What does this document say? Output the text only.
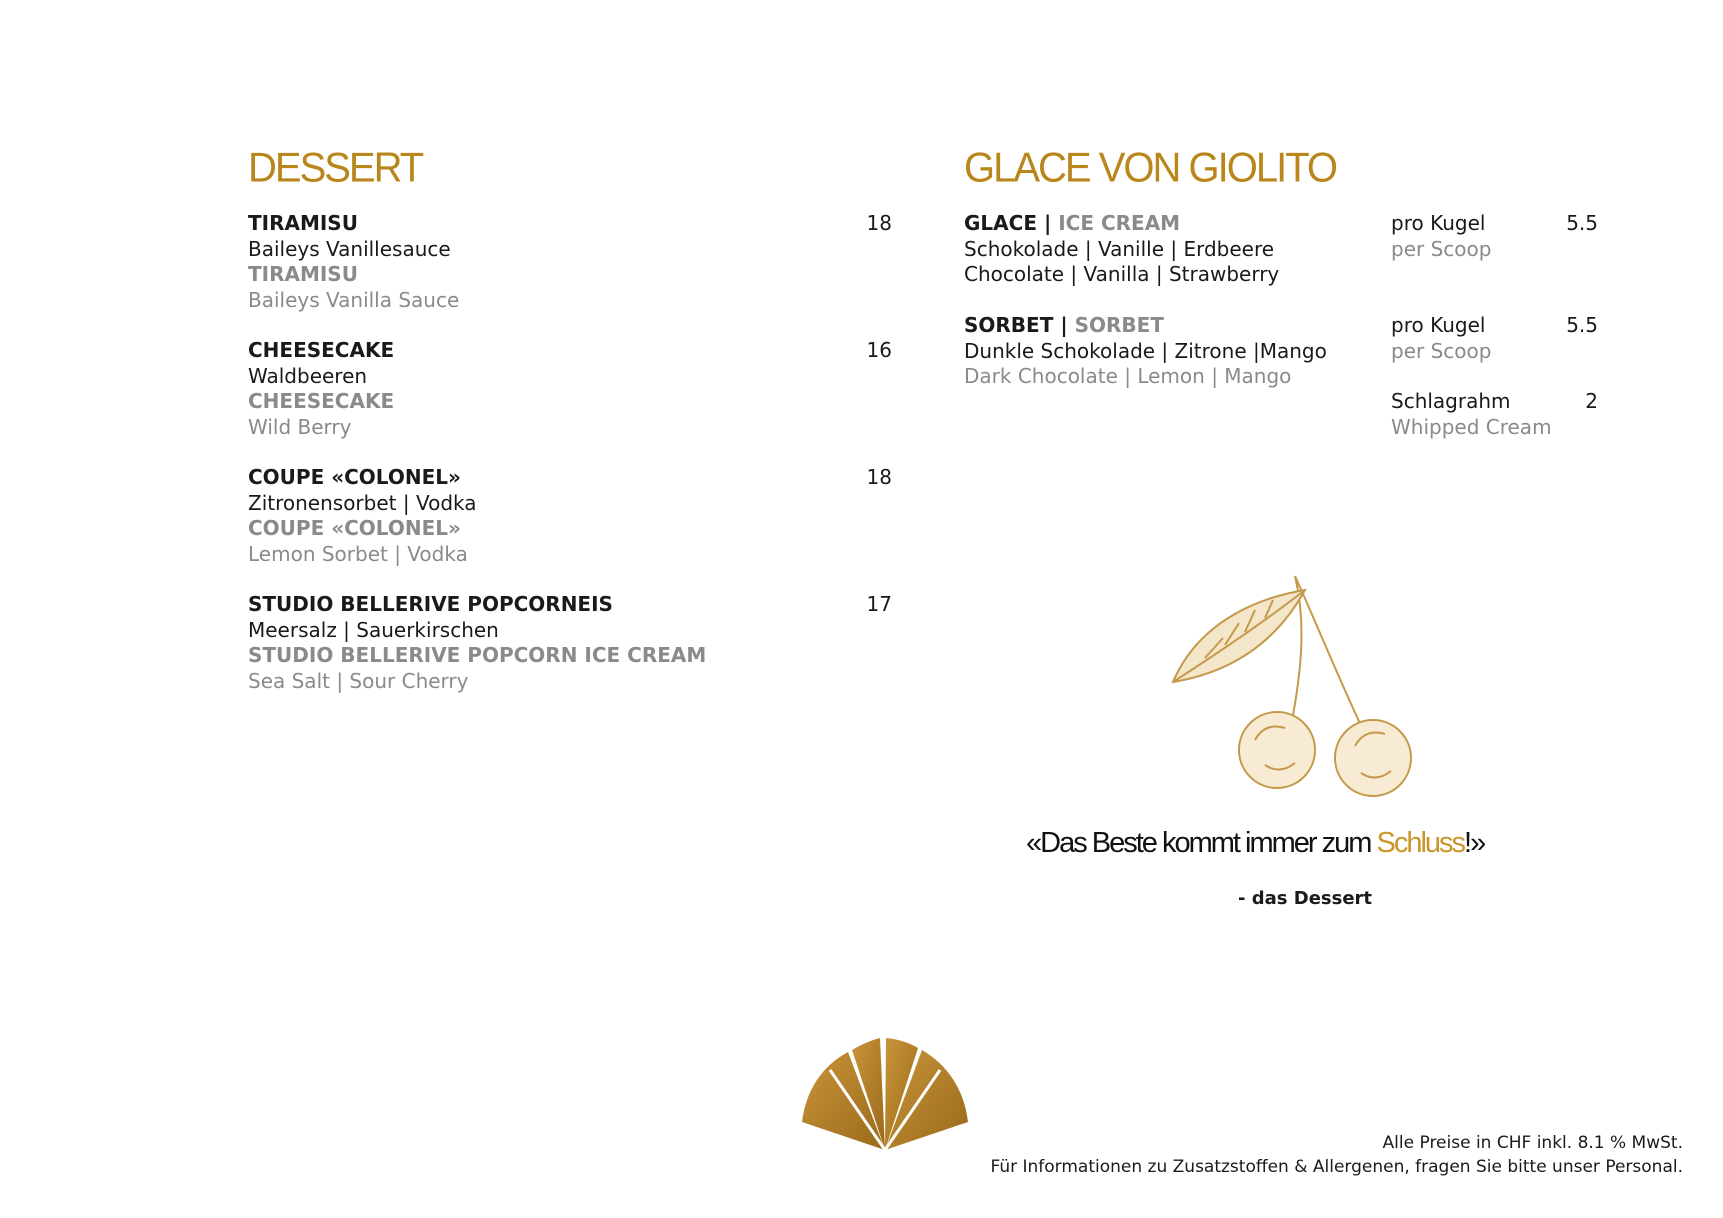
DESSERT	GLACE VON GIOLITO
TIRAMISU
Baileys Vanillesauce
TIRAMISU
Baileys Vanilla Sauce
18
CHEESECAKE
Waldbeeren
CHEESECAKE
Wild Berry
16
COUPE «COLONEL»
Zitronensorbet | Vodka
COUPE «COLONEL»
Lemon Sorbet | Vodka
18
STUDIO BELLERIVE POPCORNEIS
Meersalz | Sauerkirschen
STUDIO BELLERIVE POPCORN ICE CREAM
Sea Salt | Sour Cherry
17
GLACE | ICE CREAM
Schokolade | Vanille | Erdbeere
Chocolate | Vanilla | Strawberry
pro Kugel
per Scoop
5.5
SORBET | SORBET
Dunkle Schokolade | Zitrone |Mango
Dark Chocolate | Lemon | Mango
pro Kugel
per Scoop
5.5
Schlagrahm
Whipped Cream
2
«Das Beste kommt immer zum Schluss!»
- das Dessert
Alle Preise in CHF inkl. 8.1 % MwSt.
Für Informationen zu Zusatzstoffen & Allergenen, fragen Sie bitte unser Personal.
